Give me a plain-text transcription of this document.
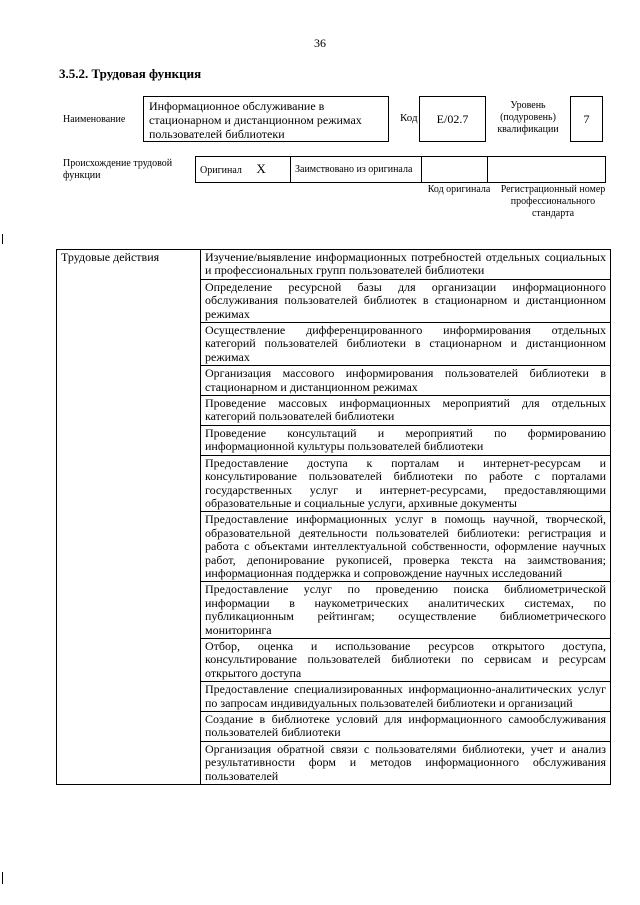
36
3.5.2. Трудовая функция
Наименование
Информационное обслуживание в стационарном и дистанционном режимах пользователей библиотеки
Код E/02.7
Уровень (подуровень) квалификации
7
Происхождение трудовой функции	Оригинал X	Заимствовано из оригинала		
Код оригинала	Регистрационный номер профессионального стандарта
Трудовые действия	Изучение/выявление информационных потребностей отдельных социальных и профессиональных групп пользователей библиотеки
Определение ресурсной базы для организации информационного обслуживания пользователей библиотек в стационарном и дистанционном режимах
Осуществление дифференцированного информирования отдельных категорий пользователей библиотеки в стационарном и дистанционном режимах
Организация массового информирования пользователей библиотеки в стационарном и дистанционном режимах
Проведение массовых информационных мероприятий для отдельных категорий пользователей библиотеки
Проведение консультаций и мероприятий по формированию информационной культуры пользователей библиотеки
Предоставление доступа к порталам и интернет-ресурсам и консультирование пользователей библиотеки по работе с порталами государственных услуг и интернет-ресурсами, предоставляющими образовательные и социальные услуги, архивные документы
Предоставление информационных услуг в помощь научной, творческой, образовательной деятельности пользователей библиотеки: регистрация и работа с объектами интеллектуальной собственности, оформление научных работ, депонирование рукописей, проверка текста на заимствования; информационная поддержка и сопровождение научных исследований
Предоставление услуг по проведению поиска библиометрической информации в наукометрических аналитических системах, по публикационным рейтингам; осуществление библиометрического мониторинга
Отбор, оценка и использование ресурсов открытого доступа, консультирование пользователей библиотеки по сервисам и ресурсам открытого доступа
Предоставление специализированных информационно-аналитических услуг по запросам индивидуальных пользователей библиотеки и организаций
Создание в библиотеке условий для информационного самообслуживания пользователей библиотеки
Организация обратной связи с пользователями библиотеки, учет и анализ результативности форм и методов информационного обслуживания пользователей
